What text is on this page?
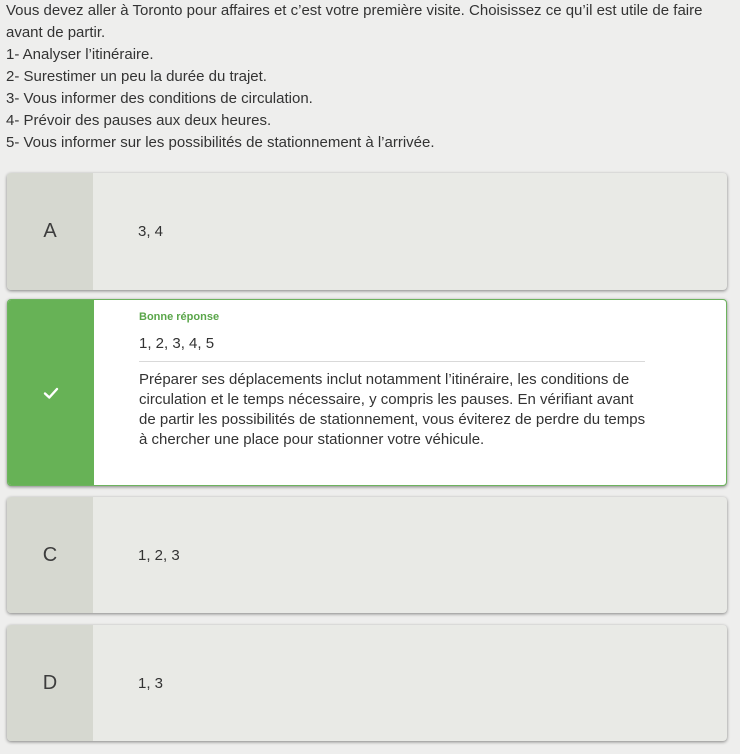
Vous devez aller à Toronto pour affaires et c’est votre première visite. Choisissez ce qu’il est utile de faire avant de partir.
1- Analyser l’itinéraire.
2- Surestimer un peu la durée du trajet.
3- Vous informer des conditions de circulation.
4- Prévoir des pauses aux deux heures.
5- Vous informer sur les possibilités de stationnement à l’arrivée.
A	3, 4
Bonne réponse
1, 2, 3, 4, 5
Préparer ses déplacements inclut notamment l’itinéraire, les conditions de circulation et le temps nécessaire, y compris les pauses. En vérifiant avant de partir les possibilités de stationnement, vous éviterez de perdre du temps à chercher une place pour stationner votre véhicule.
C	1, 2, 3
D	1, 3
